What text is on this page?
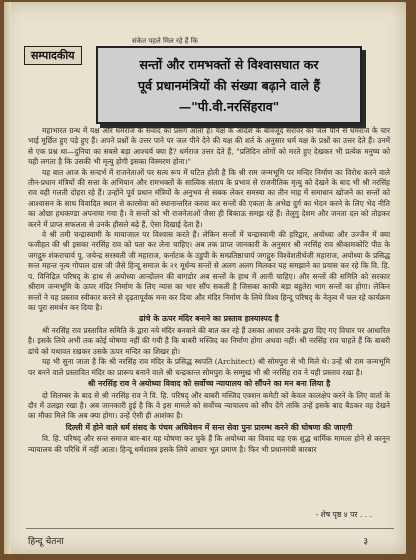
सम्पादकीय
संकेत पहले मिल रहे हैं कि
सन्तों और रामभक्तों से विश्वासघात कर
पूर्व प्रधानमंत्रियों की संख्या बढ़ाने वाले हैं
—"पी.वी.नरसिंहराव"

महाभारत ग्रन्थ में यक्ष और धर्मराज के संवाद का प्रसंग आता है। यक्ष के आदेश के बावजूद सरोवर का जल पीने से धर्मराज के चार भाई मूर्छित हुए पड़े हुए हैं। अपने प्रश्नों के उत्तर पाने पर जल पीने देने की यक्ष की शर्त के अनुसार धर्म यक्ष के प्रश्नों का उत्तर देते हैं। उनमें से एक प्रश्न था—दुनिया का सबसे बड़ा आश्चर्य क्या है? धर्मराज उत्तर देते हैं, "प्रतिदिन लोगों को मरते हुए देखकर भी प्रत्येक मनुष्य को यही लगता है कि उसकी भी मृत्यु होगी इसका विस्मरण होना।"

यह बात आज के सन्दर्भ में राजनेताओं पर सत्य रूप में घटित होती है कि श्री राम जन्मभूमि पर मन्दिर निर्माण का विरोध करने वाले तीन-प्रधान मंत्रियों की सत्ता के अभियान और रामभक्तों के सात्विक संताप के प्रभाव से राजनीतिक मृत्यु को देखने के बाद भी श्री नरसिंह राव वही गलती दोहरा रहे हैं। उन्होंने पूर्व प्रधान मंत्रियों के अनुभव से सबक लेकर समस्या का तीन माह में समाधान खोजने का सन्तों को आश्वासन के साथ विवादित स्थान से कारसेवा को स्थानान्तरित करवा कर सन्तों की एकता के अभेद्य दुर्ग का भेदन करने के लिए भेद नीति का ओछा हथकण्डा अपनाया गया है। वे सन्तों को भी राजनेताओं जैसा ही बिकाऊ समझ रहे हैं। तेलुगु देशम और जनता दल को तोड़कर करने में प्राप्त सफलता से उनके हौसले बढ़े हैं, ऐसा दिखाई देता है।

वे श्री तमी चन्द्रास्वामी के मायाजाल पर विश्वास करते हैं। लेकिन सन्तों में चन्द्रास्वामी की हरिद्वार, अयोध्या और उज्जैन में क्या फजीहत की श्री इसका नरसिंह राव को पता कर लेना चाहिए। अब तक प्राप्त जानकारी के अनुसार श्री नरसिंह राव श्रीकामकोटि पीठ के जगद्गुरु शंकराचार्य पू. जयेन्द्र सरस्वती जी महाराज, कर्नाटक के उडुपी के सम्प्रतिष्ठाचार्य जगद्गुरु विश्वेशतीर्थजी महाराज, अयोध्या के प्रसिद्ध सन्त महन्त नृत्य गोपाल दास जी जैसे हिन्दू समाज के २१ मूर्धन्य सन्तों से अलग अलग मिलकर यह समझाने का प्रयास कर रहे कि वि. हि. प. विनिद्रित परिषद् के हाथ से अयोध्या आन्दोलन की बागडोर अब सन्तों के हाथ में आनी चाहिए। और सन्तों की समिति को सरकार श्रीराम जन्मभूमि के ऊपर मंदिर निर्माण के लिए न्यास का भार सौंप सकती है जिसका काफी बड़ा बहुतेरा भाग सन्तों का होगा। लेकिन सन्तों ने यह प्रस्ताव स्वीकार करने से दृढ़तापूर्वक मना कर दिया और मंदिर निर्माण के लिये विश्व हिन्दू परिषद् के नेतृत्व में चल रहे कार्यक्रम का पूरा समर्थन कर दिया है।

ढांचे के ऊपर मंदिर बनाने का प्रस्ताव हास्यास्पद है

श्री नरसिंह राव प्रस्तावित समिति के द्वारा नये मंदिर बनवाने की बात कर रहे हैं उसका आधार उनके द्वारा दिए गए विचार पर आधारित है। इसके लिये अभी तक कोई घोषणा नहीं की गयी है कि बाबरी मस्जिद का निर्माण होगा अथवा नहीं। श्री नरसिंह राव चाहते हैं कि बाबरी ढांचे को यथावत रखकर उसके ऊपर मन्दिर का शिखर हो।

यह भी सुना जाता है कि श्री नरसिंह राव मंदिर के प्रसिद्ध स्थपति (Architect) श्री सोमपुरा से भी मिले थे। उन्हें श्री राम जन्मभूमि पर बनने वाले प्रस्तावित मंदिर का प्रारूप बनाने वाले श्री चन्द्रकान्त सोमपुरा के सम्मुख भी श्री नरसिंह राव ने यही प्रस्ताव रखा है।

श्री नरसिंह राव ने अयोध्या विवाद को सर्वोच्च न्यायालय को सौंपने का मन बना लिया है

दो सितम्बर के बाद से श्री नरसिंह राव ने वि. हि. परिषद् और बाबरी मस्जिद एक्शन कमेटी को केवल कालक्षेप करने के लिए वार्ता के दौर में उलझा रखा है। अब जानकारी हुई है कि वे इस मामले को सर्वोच्च न्यायालय को सौंप देंगे ताकि उन्हें इसके बाद बैठकर वह देखने का मौका मिले कि अब क्या होगा। उन्हें ऐसी ही आशंका है।

दिल्ली में होने वाले धर्म संसद के पंचम अधिवेशन में सन्त सेवा पुनः प्रारम्भ करने की घोषणा की जाएगी

वि. हि. परिषद् और सन्त समाज बार-बार यह घोषणा कर चुके हैं कि अयोध्या का विवाद यह एक शुद्ध धार्मिक मामला होने से कानून न्यायालय की परिधि में नहीं आता। हिन्दू धर्मशास्त्र इसके लिये आधार भूत प्रमाण है। फिर भी प्रधानमंत्री बारबार

- शेष पृष्ठ ४ पर . . .
हिन्दू चेतना	३
